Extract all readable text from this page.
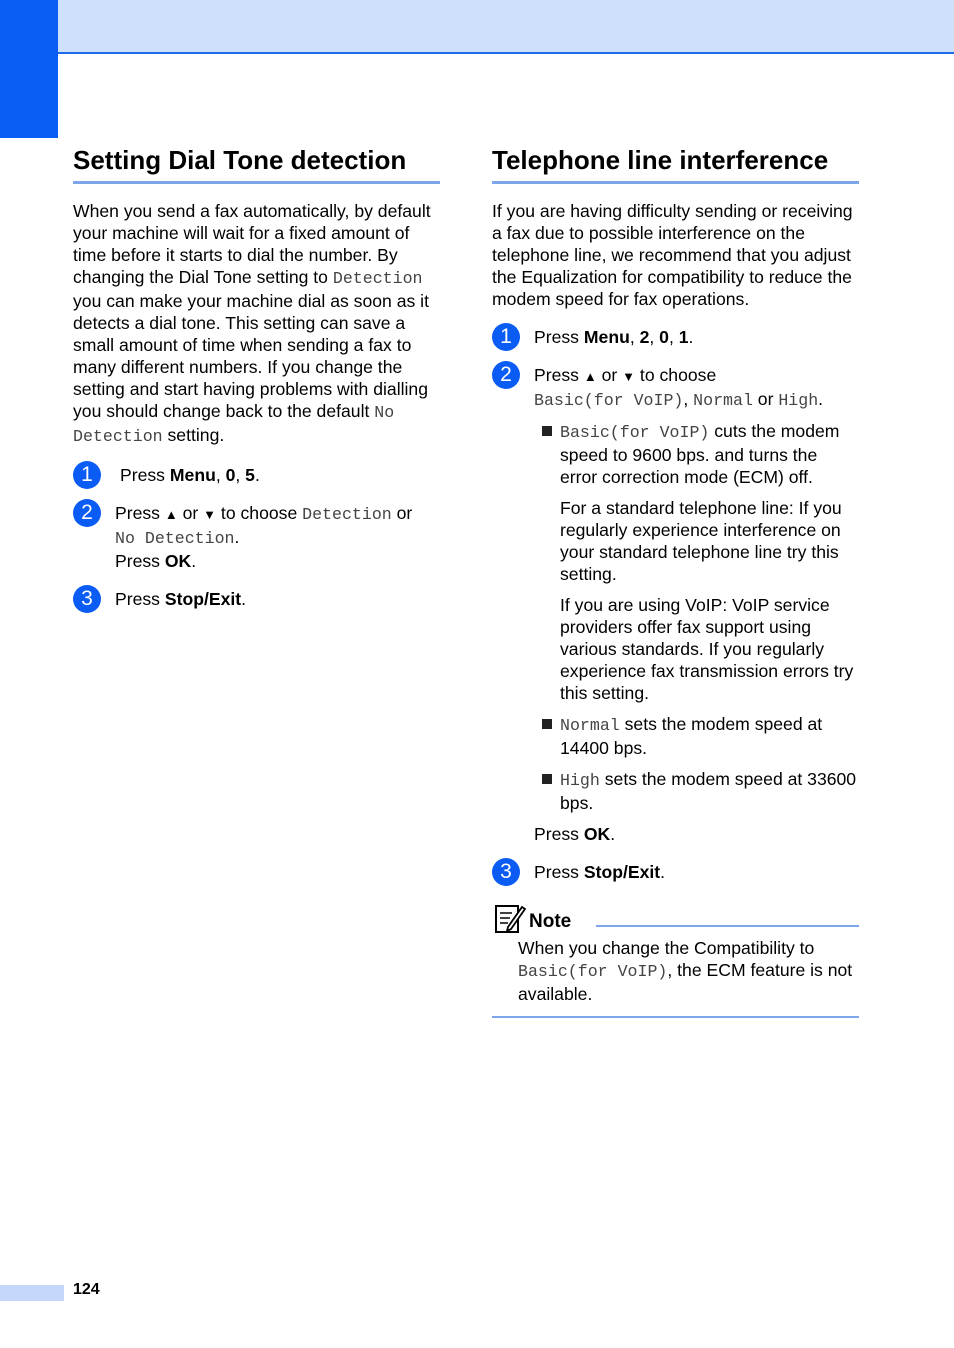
Setting Dial Tone detection

When you send a fax automatically, by default your machine will wait for a fixed amount of time before it starts to dial the number. By changing the Dial Tone setting to Detection you can make your machine dial as soon as it detects a dial tone. This setting can save a small amount of time when sending a fax to many different numbers. If you change the setting and start having problems with dialling you should change back to the default No Detection setting.

1	Press Menu, 0, 5.
2	Press ▲ or ▼ to choose Detection or
No Detection.
Press OK.
3	Press Stop/Exit.
Telephone line interference

If you are having difficulty sending or receiving a fax due to possible interference on the telephone line, we recommend that you adjust the Equalization for compatibility to reduce the modem speed for fax operations.

1	Press Menu, 2, 0, 1.
2	Press ▲ or ▼ to choose
Basic(for VoIP), Normal or High.

Basic(for VoIP) cuts the modem speed to 9600 bps. and turns the error correction mode (ECM) off.

For a standard telephone line: If you regularly experience interference on your standard telephone line try this setting.

If you are using VoIP: VoIP service providers offer fax support using various standards. If you regularly experience fax transmission errors try this setting.

Normal sets the modem speed at 14400 bps.

High sets the modem speed at 33600 bps.

Press OK.

3	Press Stop/Exit.
Note

When you change the Compatibility to Basic(for VoIP), the ECM feature is not available.

124
